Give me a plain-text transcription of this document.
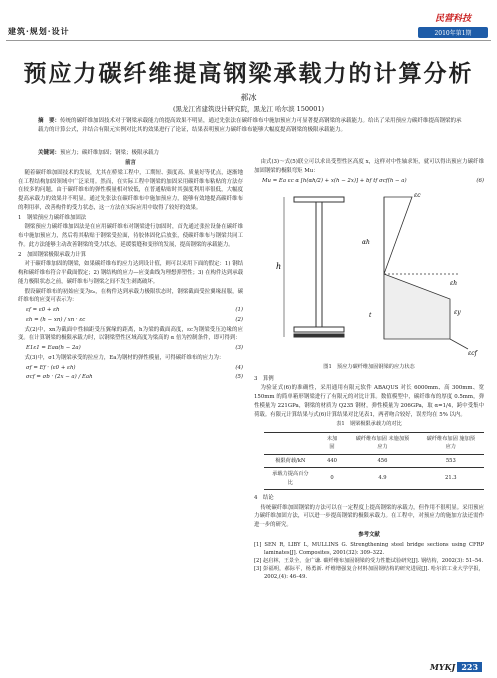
建筑·规划·设计
民营科技
2010年第1期
预应力碳纤维提高钢梁承载力的计算分析
郝冰
(黑龙江省建筑设计研究院，黑龙江 哈尔滨 150001)
摘　要：传统的碳纤维加固技术对于钢梁承载能力的提高效果不明显，通过先张法在碳纤维布中施加预应力可显著提高钢梁的承载能力。给出了采用预应力碳纤维提高钢梁的承载力的计算公式，并结合有限元实例对比其的效果进行了论证，结果表明预应力碳纤维布能够大幅度提高钢梁的极限承载能力。
关键词：预应力；碳纤维加固；钢梁；极限承载力
前言

随着碳纤维加固技术的发展，尤其在桥梁工程中，工期短、强度高、质量好等优点，逐渐地在工程结构加固领域中广泛采用。然而，在实际工程中钢梁的加固采用碳纤维布粘贴的方法存在较多的问题，由于碳纤维布的弹性模量相对较低，在普通粘贴时其强度利用率很低，大幅度提高承载力的效果并不明显。通过先张法在碳纤维布中施加预应力，能够有效地提高碳纤维布的利用率，改善构件的受力状态，这一方法在实际应用中取得了较好的效果。

1　钢梁预应力碳纤维加固法

钢梁预应力碳纤维加固法是在应用碳纤维布对钢梁进行加固时，首先通过张拉设备在碳纤维布中施加预应力，然后将其粘贴于钢梁受拉面，待胶体固化后放张，使碳纤维布与钢梁共同工作。此方法能够主动改善钢梁的受力状态，延缓裂缝和变形的发展，提高钢梁的承载能力。

2　加固钢梁极限承载力计算

对于碳纤维加固的钢梁，如果碳纤维布的应力达到设计值，则可以采用下面的假定：1) 钢结构和碳纤维布符合平截面假定；2) 钢结构的应力—应变曲线为理想弹塑性；3) 在构件达到承载能力极限状态之前，碳纤维布与钢梁之间不发生剥离破坏。

假设碳纤维布的初始应变为ε₀，在构件达到承载力极限状态时，钢梁截面受拉翼缘屈服，碳纤维布的应变可表示为：

εf = ε0 + εh	(1)
εh = (h − xn) / xn · εc	(2)

式(2)中，xn为截面中性轴距受压翼缘的距离，h为梁的截面高度，εc为钢梁受压边缘的应变。在计算钢梁的极限承载力时，以钢梁塑性区域高度为梁高的 α 倍为控制条件，即可得到：

E1ε1 = Eaα(h − 2a)	(3)

式(3)中，σ1为钢梁承受的拉应力，Ea为钢材的弹性模量，可得碳纤维布的应力为：

σf = Ef · (ε0 + εh)	(4)
σcf = σb · (2x − a) / Eah	(5)

由式(3)～式(5)联立可以求出受塑性区高度 x，这样对中性轴求矩，就可以得出预应力碳纤维加固钢梁的极限弯矩 Mu：

Mu = Ea εc α [h(αh/2) + x(h − 2x)] + bf tf σcf(h − a)	(6)
h
εc
αh
t	εy
εcf
εh
图1　预应力碳纤维加固钢梁的应力状态
3　算例

为验证式(6)的准确性，采用通用有限元软件 ABAQUS 对长 6000mm、高 300mm、宽 150mm 的简单箱形钢梁进行了有限元的对比计算。数值模型中，碳纤维布的厚度 0.5mm，弹性模量为 221GPa，钢梁的材质为 Q235 钢材，弹性模量为 206GPa，取 α=1/4，跨中受集中荷载。有限元计算结果与式(6)计算结果对比见表1，两者吻合较好，误差均在 5% 以内。

表1　钢梁极限承载力的对比
	未加固	碳纤维布加固 未施加预应力	碳纤维布加固 施加预应力
极限荷载/kN	440	456	553
承载力提高百分比	0	4.9	21.3
4　结论

传统碳纤维加固钢梁的方法可以在一定程度上提高钢梁的承载力，但作用不很明显。采用预应力碳纤维加固方法，可以进一步提高钢梁的极限承载力。在工程中，对预应力的施加方法还需作进一步的研究。

参考文献
[1] SEN R, LIBY L, MULLINS G. Strengthening steel bridge sections using CFRP laminates[J]. Composites, 2001(32): 309–322.
[2] 赵启林，王景全，金广谦. 碳纤维布加固钢梁的受力性能试验研究[J]. 钢结构，2002(3): 51–54.
[3] 彭福明，郝际平，杨勇新. 纤维增强复合材料加固钢结构的研究进展[J]. 哈尔滨工业大学学报，2002,(4): 46–49.
MYKJ 223
